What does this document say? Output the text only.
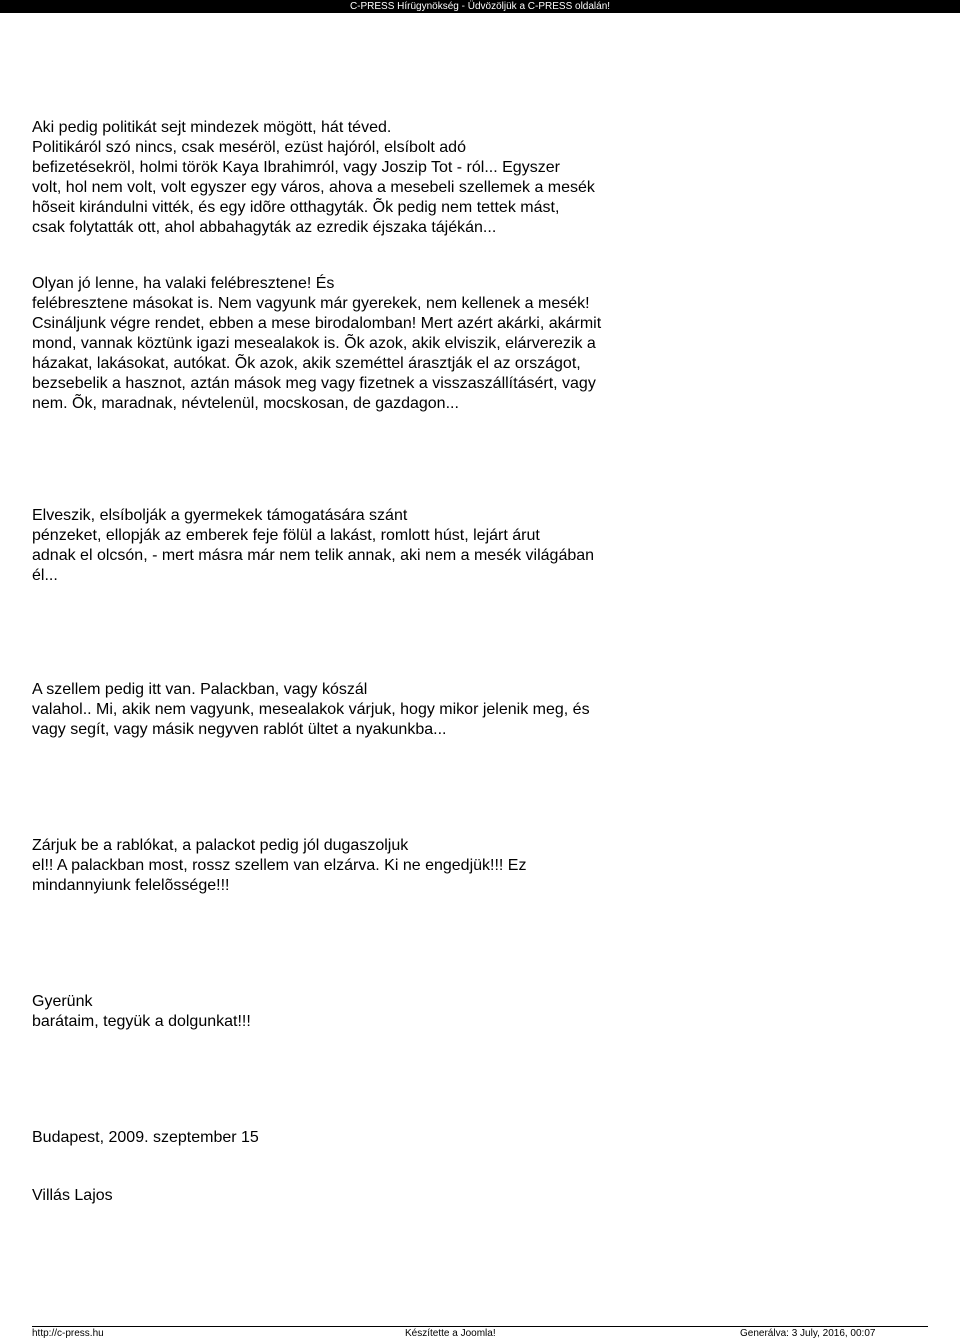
C-PRESS Hírügynökség - Üdvözöljük a C-PRESS oldalán!

Aki pedig politikát sejt mindezek mögött, hát téved.
Politikáról szó nincs, csak meséröl, ezüst hajóról, elsíbolt adó
befizetésekröl, holmi török Kaya Ibrahimról, vagy Joszip Tot - ról... Egyszer
volt, hol nem volt, volt egyszer egy város, ahova a mesebeli szellemek a mesék
hõseit kirándulni vitték, és egy idõre otthagyták. Õk pedig nem tettek mást,
csak folytatták ott, ahol abbahagyták az ezredik éjszaka tájékán...

Olyan jó lenne, ha valaki felébresztene! És
felébresztene másokat is. Nem vagyunk már gyerekek, nem kellenek a mesék!
Csináljunk végre rendet, ebben a mese birodalomban! Mert azért akárki, akármit
mond, vannak köztünk igazi mesealakok is. Õk azok, akik elviszik, elárverezik a
házakat, lakásokat, autókat. Õk azok, akik szeméttel árasztják el az országot,
bezsebelik a hasznot, aztán mások meg vagy fizetnek a visszaszállításért, vagy
nem. Õk, maradnak, névtelenül, mocskosan, de gazdagon...

Elveszik, elsíbolják a gyermekek támogatására szánt
pénzeket, ellopják az emberek feje fölül a lakást, romlott húst, lejárt árut
adnak el olcsón, - mert másra már nem telik annak, aki nem a mesék világában
él...

A szellem pedig itt van. Palackban, vagy kószál
valahol.. Mi, akik nem vagyunk, mesealakok várjuk, hogy mikor jelenik meg, és
vagy segít, vagy másik negyven rablót ültet a nyakunkba...

Zárjuk be a rablókat, a palackot pedig jól dugaszoljuk
el!! A palackban most, rossz szellem van elzárva. Ki ne engedjük!!! Ez
mindannyiunk felelõssége!!!

Gyerünk
barátaim, tegyük a dolgunkat!!!

Budapest, 2009. szeptember 15

Villás Lajos

http://c-press.hu	Készítette a Joomla!	Generálva: 3 July, 2016, 00:07
